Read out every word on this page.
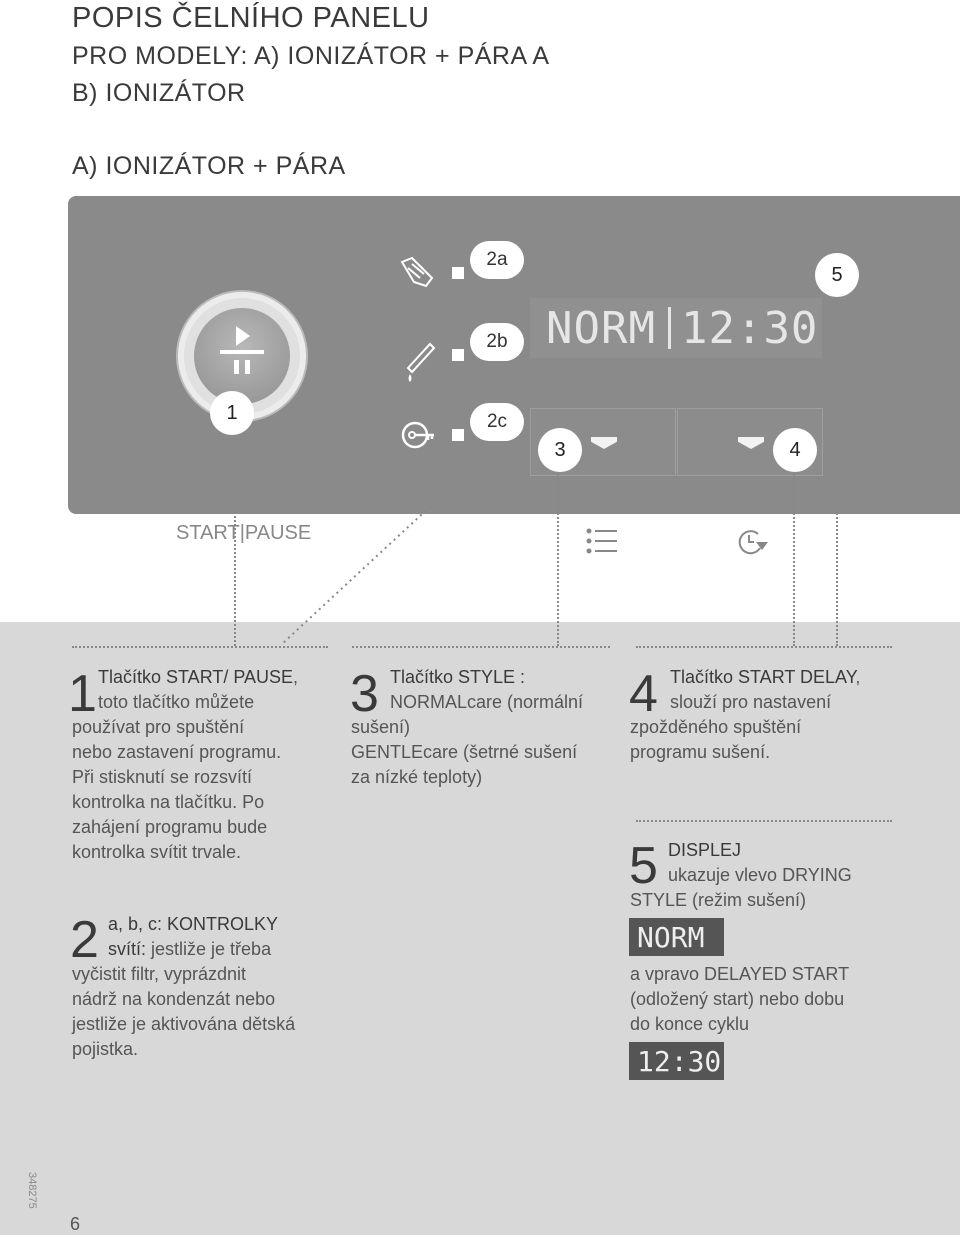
POPIS ČELNÍHO PANELU
PRO MODELY: A) IONIZÁTOR + PÁRA A
B) IONIZÁTOR
A) IONIZÁTOR + PÁRA
1
2a
2b
2c
NORM 12:30
5
3	4
START|PAUSE
1 Tlačítko START/ PAUSE,
toto tlačítko můžete
používat pro spuštění
nebo zastavení programu.
Při stisknutí se rozsvítí
kontrolka na tlačítku. Po
zahájení programu bude
kontrolka svítit trvale.
2 a, b, c: KONTROLKY
svítí: jestliže je třeba
vyčistit filtr, vyprázdnit
nádrž na kondenzát nebo
jestliže je aktivována dětská
pojistka.
3 Tlačítko STYLE :
NORMALcare (normální
sušení)
GENTLEcare (šetrné sušení
za nízké teploty)
4 Tlačítko START DELAY,
slouží pro nastavení
zpožděného spuštění
programu sušení.
5 DISPLEJ
ukazuje vlevo DRYING
STYLE (režim sušení)
NORM
a vpravo DELAYED START
(odložený start) nebo dobu
do konce cyklu
12:30
6
348275
